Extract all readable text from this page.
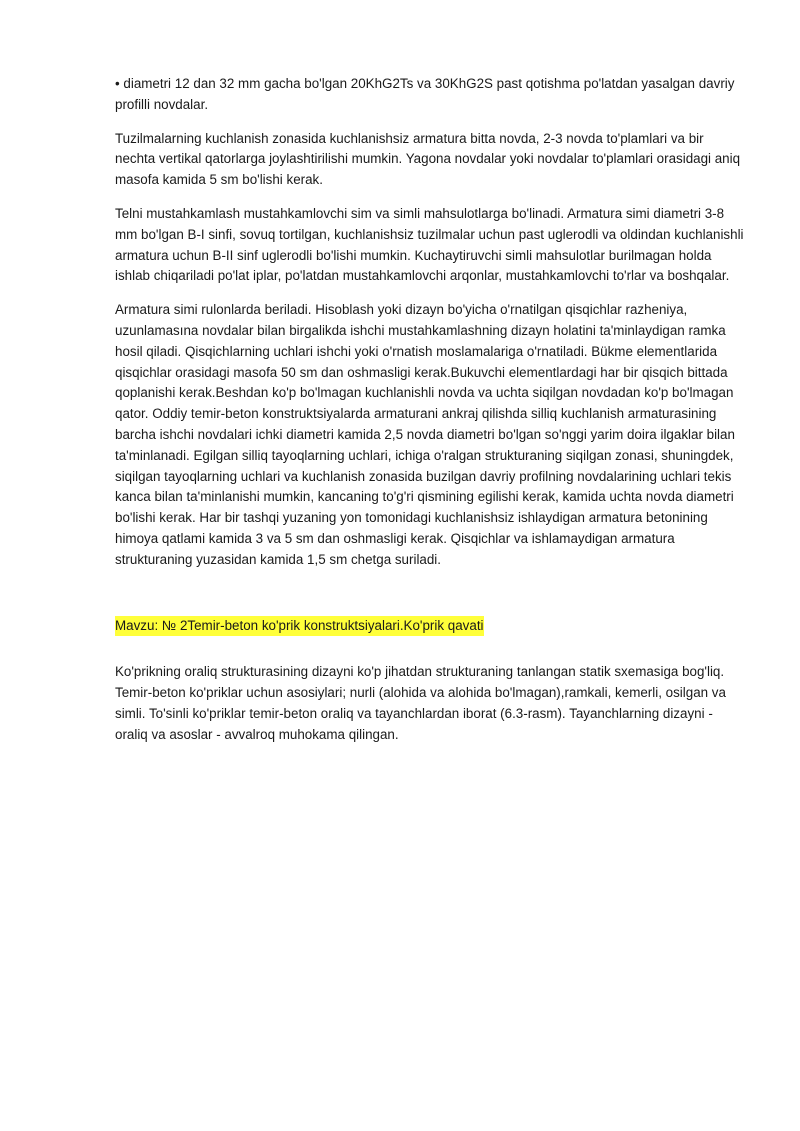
• diametri 12 dan 32 mm gacha bo'lgan 20KhG2Ts va 30KhG2S past qotishma po'latdan yasalgan davriy profilli novdalar.

Tuzilmalarning kuchlanish zonasida kuchlanishsiz armatura bitta novda, 2-3 novda to'plamlari va bir nechta vertikal qatorlarga joylashtirilishi mumkin. Yagona novdalar yoki novdalar to'plamlari orasidagi aniq masofa kamida 5 sm bo'lishi kerak.

Telni mustahkamlash mustahkamlovchi sim va simli mahsulotlarga bo'linadi. Armatura simi diametri 3-8 mm bo'lgan B-I sinfi, sovuq tortilgan, kuchlanishsiz tuzilmalar uchun past uglerodli va oldindan kuchlanishli armatura uchun B-II sinf uglerodli bo'lishi mumkin. Kuchaytiruvchi simli mahsulotlar burilmagan holda ishlab chiqariladi po'lat iplar, po'latdan mustahkamlovchi arqonlar, mustahkamlovchi to'rlar va boshqalar.

Armatura simi rulonlarda beriladi. Hisoblash yoki dizayn bo'yicha o'rnatilgan qisqichlar razheniya, uzunlamasına novdalar bilan birgalikda ishchi mustahkamlashning dizayn holatini ta'minlaydigan ramka hosil qiladi. Qisqichlarning uchlari ishchi yoki o'rnatish moslamalariga o'rnatiladi. Bükme elementlarida qisqichlar orasidagi masofa 50 sm dan oshmasligi kerak.Bukuvchi elementlardagi har bir qisqich bittada qoplanishi kerak.Beshdan ko'p bo'lmagan kuchlanishli novda va uchta siqilgan novdadan ko'p bo'lmagan qator. Oddiy temir-beton konstruktsiyalarda armaturani ankraj qilishda silliq kuchlanish armaturasining barcha ishchi novdalari ichki diametri kamida 2,5 novda diametri bo'lgan so'nggi yarim doira ilgaklar bilan ta'minlanadi. Egilgan silliq tayoqlarning uchlari, ichiga o'ralgan strukturaning siqilgan zonasi, shuningdek, siqilgan tayoqlarning uchlari va kuchlanish zonasida buzilgan davriy profilning novdalarining uchlari tekis kanca bilan ta'minlanishi mumkin, kancaning to'g'ri qismining egilishi kerak, kamida uchta novda diametri bo'lishi kerak. Har bir tashqi yuzaning yon tomonidagi kuchlanishsiz ishlaydigan armatura betonining himoya qatlami kamida 3 va 5 sm dan oshmasligi kerak. Qisqichlar va ishlamaydigan armatura strukturaning yuzasidan kamida 1,5 sm chetga suriladi.

Mavzu: № 2Temir-beton ko'prik konstruktsiyalari.Ko'prik qavati

Ko'prikning oraliq strukturasining dizayni ko'p jihatdan strukturaning tanlangan statik sxemasiga bog'liq. Temir-beton ko'priklar uchun asosiylari; nurli (alohida va alohida bo'lmagan),ramkali, kemerli, osilgan va simli. To'sinli ko'priklar temir-beton oraliq va tayanchlardan iborat (6.3-rasm). Tayanchlarning dizayni - oraliq va asoslar - avvalroq muhokama qilingan.
